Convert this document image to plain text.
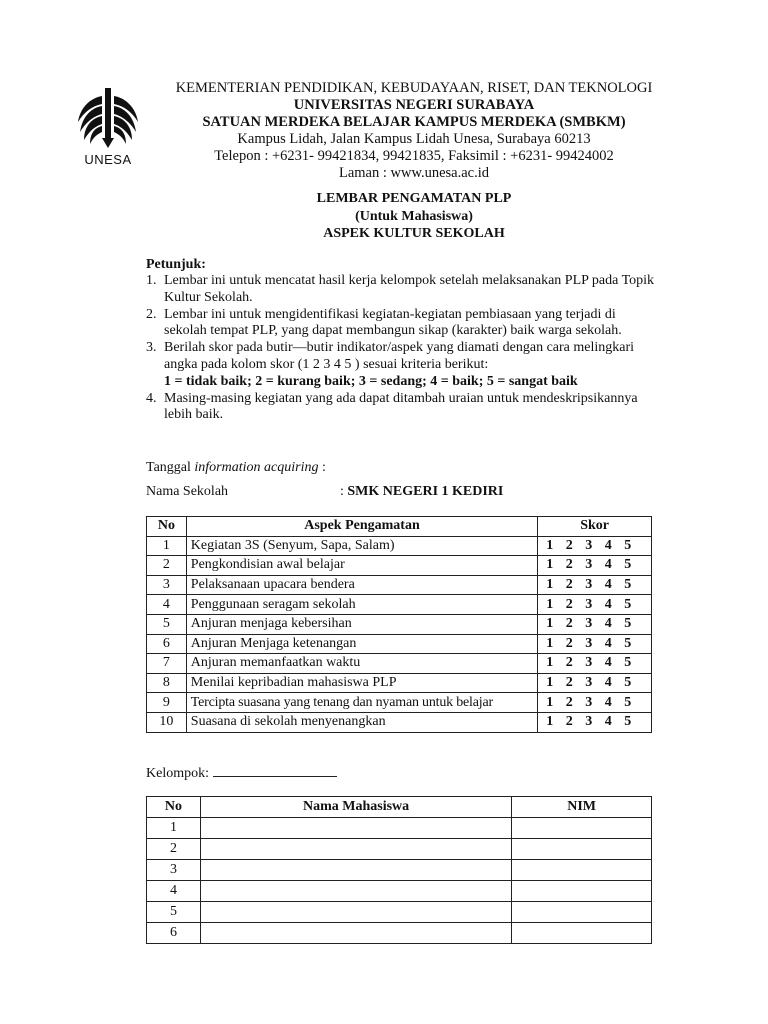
UNESA
KEMENTERIAN PENDIDIKAN, KEBUDAYAAN, RISET, DAN TEKNOLOGI
UNIVERSITAS NEGERI SURABAYA
SATUAN MERDEKA BELAJAR KAMPUS MERDEKA (SMBKM)
Kampus Lidah, Jalan Kampus Lidah Unesa, Surabaya 60213
Telepon : +6231- 99421834, 99421835, Faksimil : +6231- 99424002
Laman : www.unesa.ac.id
LEMBAR PENGAMATAN PLP
(Untuk Mahasiswa)
ASPEK KULTUR SEKOLAH
Petunjuk:
1. Lembar ini untuk mencatat hasil kerja kelompok setelah melaksanakan PLP pada Topik Kultur Sekolah.
2. Lembar ini untuk mengidentifikasi kegiatan-kegiatan pembiasaan yang terjadi di sekolah tempat PLP, yang dapat membangun sikap (karakter) baik warga sekolah.
3. Berilah skor pada butir—butir indikator/aspek yang diamati dengan cara melingkari angka pada kolom skor (1 2 3 4 5 ) sesuai kriteria berikut:
1 = tidak baik; 2 = kurang baik; 3 = sedang; 4 = baik; 5 = sangat baik
4. Masing-masing kegiatan yang ada dapat ditambah uraian untuk mendeskripsikannya lebih baik.
Tanggal information acquiring :
Nama Sekolah	: SMK NEGERI 1 KEDIRI
No	Aspek Pengamatan	Skor
1	Kegiatan 3S (Senyum, Sapa, Salam)	1 2 3 4 5
2	Pengkondisian awal belajar	1 2 3 4 5
3	Pelaksanaan upacara bendera	1 2 3 4 5
4	Penggunaan seragam sekolah	1 2 3 4 5
5	Anjuran menjaga kebersihan	1 2 3 4 5
6	Anjuran Menjaga ketenangan	1 2 3 4 5
7	Anjuran memanfaatkan waktu	1 2 3 4 5
8	Menilai kepribadian mahasiswa PLP	1 2 3 4 5
9	Tercipta suasana yang tenang dan nyaman untuk belajar	1 2 3 4 5
10	Suasana di sekolah menyenangkan	1 2 3 4 5
Kelompok:
No	Nama Mahasiswa	NIM
1		
2		
3		
4		
5		
6		
